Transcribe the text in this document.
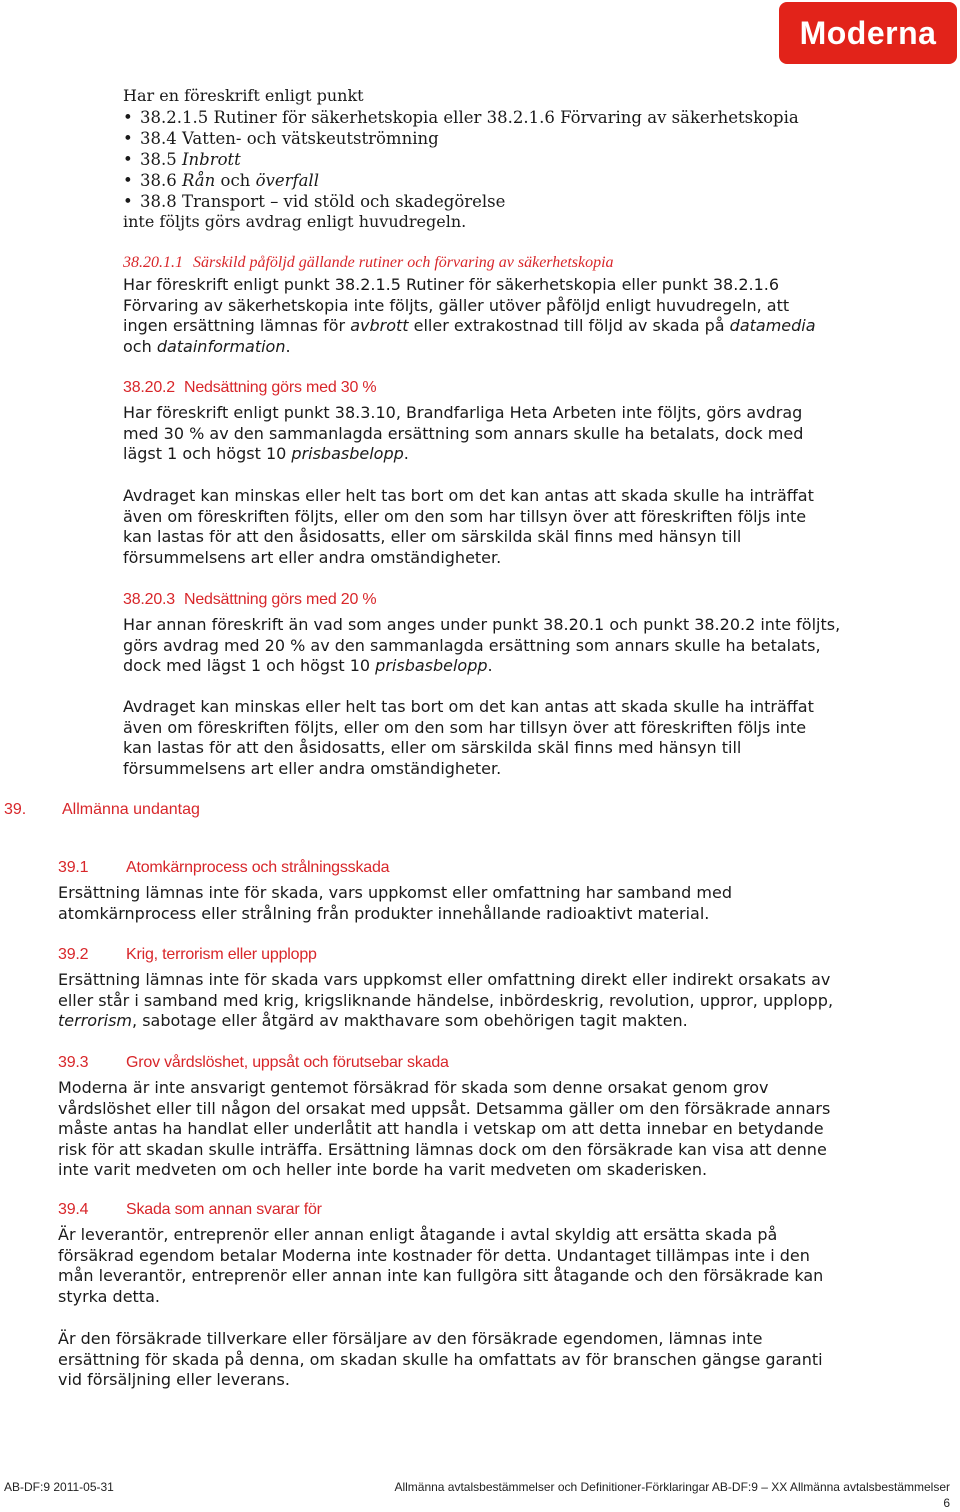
Moderna

Har en föreskrift enligt punkt

• 38.2.1.5 Rutiner för säkerhetskopia eller 38.2.1.6 Förvaring av säkerhetskopia
• 38.4 Vatten- och vätskeutströmning
• 38.5 Inbrott
• 38.6 Rån och överfall
• 38.8 Transport – vid stöld och skadegörelse

inte följts görs avdrag enligt huvudregeln.

38.20.1.1 Särskild påföljd gällande rutiner och förvaring av säkerhetskopia

Har föreskrift enligt punkt 38.2.1.5 Rutiner för säkerhetskopia eller punkt 38.2.1.6

Förvaring av säkerhetskopia inte följts, gäller utöver påföljd enligt huvudregeln, att

ingen ersättning lämnas för avbrott eller extrakostnad till följd av skada på datamedia

och datainformation.

38.20.2 Nedsättning görs med 30 %

Har föreskrift enligt punkt 38.3.10, Brandfarliga Heta Arbeten inte följts, görs avdrag

med 30 % av den sammanlagda ersättning som annars skulle ha betalats, dock med

lägst 1 och högst 10 prisbasbelopp.

Avdraget kan minskas eller helt tas bort om det kan antas att skada skulle ha inträffat

även om föreskriften följts, eller om den som har tillsyn över att föreskriften följs inte

kan lastas för att den åsidosatts, eller om särskilda skäl finns med hänsyn till

försummelsens art eller andra omständigheter.

38.20.3 Nedsättning görs med 20 %

Har annan föreskrift än vad som anges under punkt 38.20.1 och punkt 38.20.2 inte följts,

görs avdrag med 20 % av den sammanlagda ersättning som annars skulle ha betalats,

dock med lägst 1 och högst 10 prisbasbelopp.

Avdraget kan minskas eller helt tas bort om det kan antas att skada skulle ha inträffat

även om föreskriften följts, eller om den som har tillsyn över att föreskriften följs inte

kan lastas för att den åsidosatts, eller om särskilda skäl finns med hänsyn till

försummelsens art eller andra omständigheter.

39. Allmänna undantag

39.1 Atomkärnprocess och strålningsskada

Ersättning lämnas inte för skada, vars uppkomst eller omfattning har samband med

atomkärnprocess eller strålning från produkter innehållande radioaktivt material.

39.2 Krig, terrorism eller upplopp

Ersättning lämnas inte för skada vars uppkomst eller omfattning direkt eller indirekt orsakats av

eller står i samband med krig, krigsliknande händelse, inbördeskrig, revolution, uppror, upplopp,

terrorism, sabotage eller åtgärd av makthavare som obehörigen tagit makten.

39.3 Grov vårdslöshet, uppsåt och förutsebar skada

Moderna är inte ansvarigt gentemot försäkrad för skada som denne orsakat genom grov

vårdslöshet eller till någon del orsakat med uppsåt. Detsamma gäller om den försäkrade annars

måste antas ha handlat eller underlåtit att handla i vetskap om att detta innebar en betydande

risk för att skadan skulle inträffa. Ersättning lämnas dock om den försäkrade kan visa att denne

inte varit medveten om och heller inte borde ha varit medveten om skaderisken.

39.4 Skada som annan svarar för

Är leverantör, entreprenör eller annan enligt åtagande i avtal skyldig att ersätta skada på

försäkrad egendom betalar Moderna inte kostnader för detta. Undantaget tillämpas inte i den

mån leverantör, entreprenör eller annan inte kan fullgöra sitt åtagande och den försäkrade kan

styrka detta.

Är den försäkrade tillverkare eller försäljare av den försäkrade egendomen, lämnas inte

ersättning för skada på denna, om skadan skulle ha omfattats av för branschen gängse garanti

vid försäljning eller leverans.

AB-DF:9 2011-05-31	Allmänna avtalsbestämmelser och Definitioner-Förklaringar AB-DF:9 – XX Allmänna avtalsbestämmelser
6
